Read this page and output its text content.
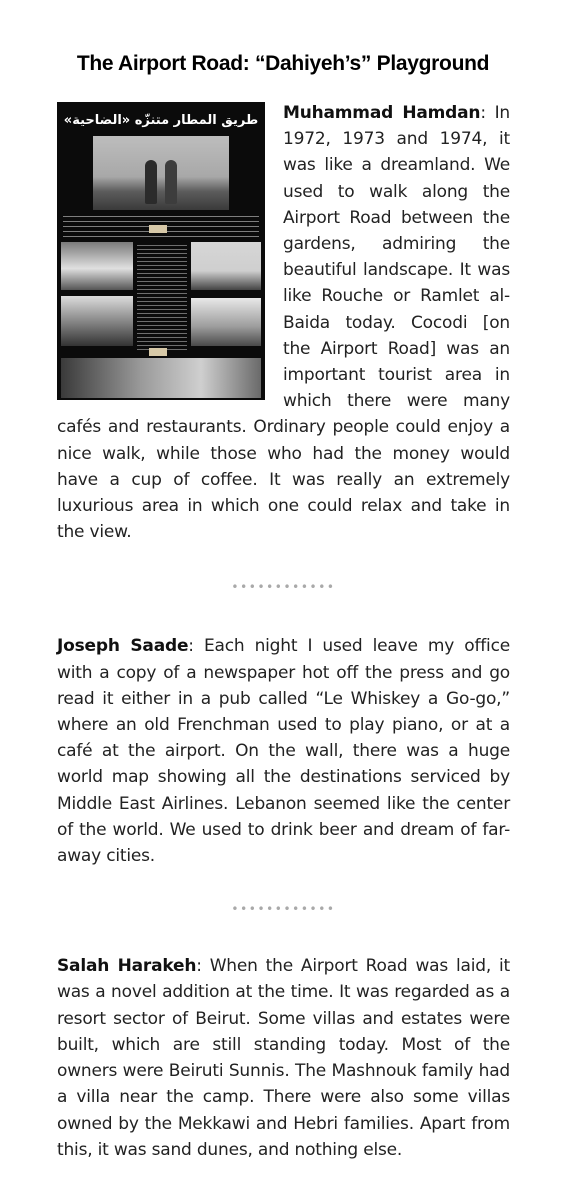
The Airport Road: “Dahiyeh’s” Playground

طريق المطار متنزّه «الضاحية» Muhammad Hamdan: In 1972, 1973 and 1974, it was like a dreamland. We used to walk along the Airport Road between the gardens, admiring the beautiful landscape. It was like Rouche or Ramlet al-Baida today. Cocodi [on the Airport Road] was an important tourist area in which there were many cafés and restaurants. Ordinary people could enjoy a nice walk, while those who had the money would have a cup of coffee. It was really an extremely luxurious area in which one could relax and take in the view.

••••••••••••

Joseph Saade: Each night I used leave my office with a copy of a newspaper hot off the press and go read it either in a pub called “Le Whiskey a Go-go,” where an old Frenchman used to play piano, or at a café at the airport. On the wall, there was a huge world map showing all the destinations serviced by Middle East Airlines. Lebanon seemed like the center of the world. We used to drink beer and dream of far-away cities.

••••••••••••

Salah Harakeh: When the Airport Road was laid, it was a novel addition at the time. It was regarded as a resort sector of Beirut. Some villas and estates were built, which are still standing today. Most of the owners were Beiruti Sunnis. The Mashnouk family had a villa near the camp. There were also some villas owned by the Mekkawi and Hebri families. Apart from this, it was sand dunes, and nothing else.
